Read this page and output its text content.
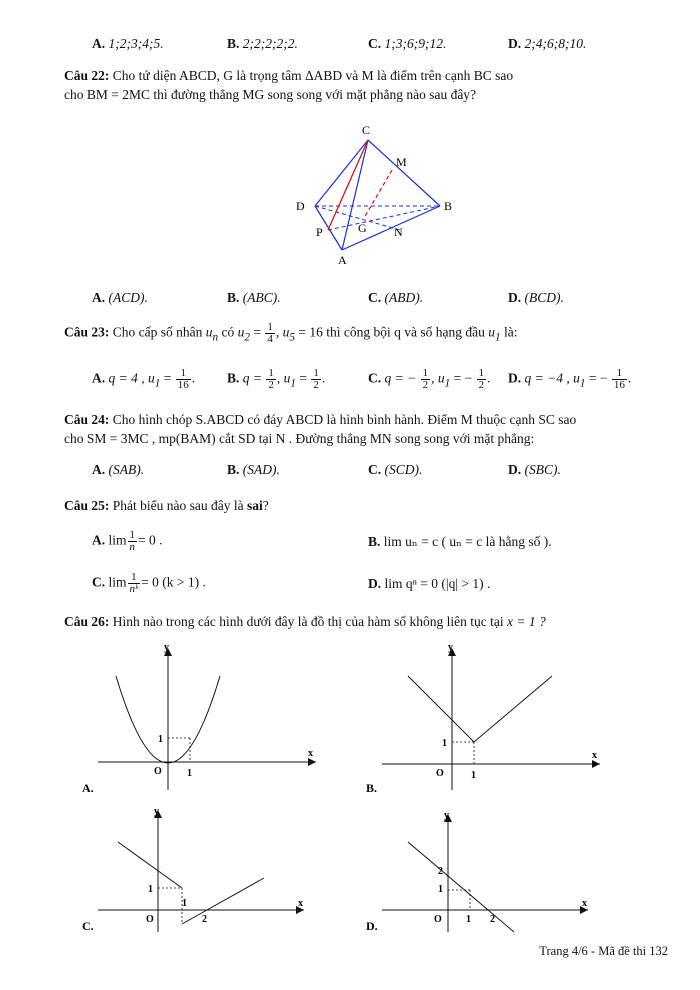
A. 1;2;3;4;5.	B. 2;2;2;2;2.	C. 1;3;6;9;12.	D. 2;4;6;8;10.
Câu 22: Cho tứ diện ABCD, G là trọng tâm ΔABD và M là điểm trên cạnh BC sao
cho BM = 2MC thì đường thẳng MG song song với mặt phẳng nào sau đây?
C
M
D	B
P	G N
A
A. (ACD).	B. (ABC).	C. (ABD).	D. (BCD).
Câu 23: Cho cấp số nhân $u_n$ có $u_2 = \frac{1}{4}$ , $u_5 = 16$ thì công bội q và số hạng đầu $u_1$ là:
A. q = 4 , $u_1 = \frac{1}{16}$ . B. $q = \frac{1}{2}$ , $u_1 = \frac{1}{2}$ .	C. q = − $\frac{1}{2}$ , $u_1$ = − $\frac{1}{2}$ . D. q = −4 , $u_1$ = − $\frac{1}{16}$ .
Câu 24: Cho hình chóp S.ABCD có đáy ABCD là hình bình hành. Điểm M thuộc cạnh SC sao
cho SM = 3MC , mp(BAM) cắt SD tại N . Đường thẳng MN song song với mặt phẳng:
A. (SAB).	B. (SAD).	C. (SCD).	D. (SBC).
Câu 25: Phát biểu nào sau đây là sai?
A. $\lim \frac{1}{n} = 0$ .	B. lim uₙ = c ( uₙ = c là hằng số ).
C. $\lim \frac{1}{\text{nᵏ}} = 0$ (k > 1) .	D. lim qⁿ = 0 (|q| > 1) .
Câu 26: Hình nào trong các hình dưới đây là đồ thị của hàm số không liên tục tại x = 1 ?
y
x
O
1
1
A.
y
x
O
1
1
B.
y
x
O
1
1
2
C.
y
x
O
1
2
1 2
D.
Trang 4/6 - Mã đề thi 132
